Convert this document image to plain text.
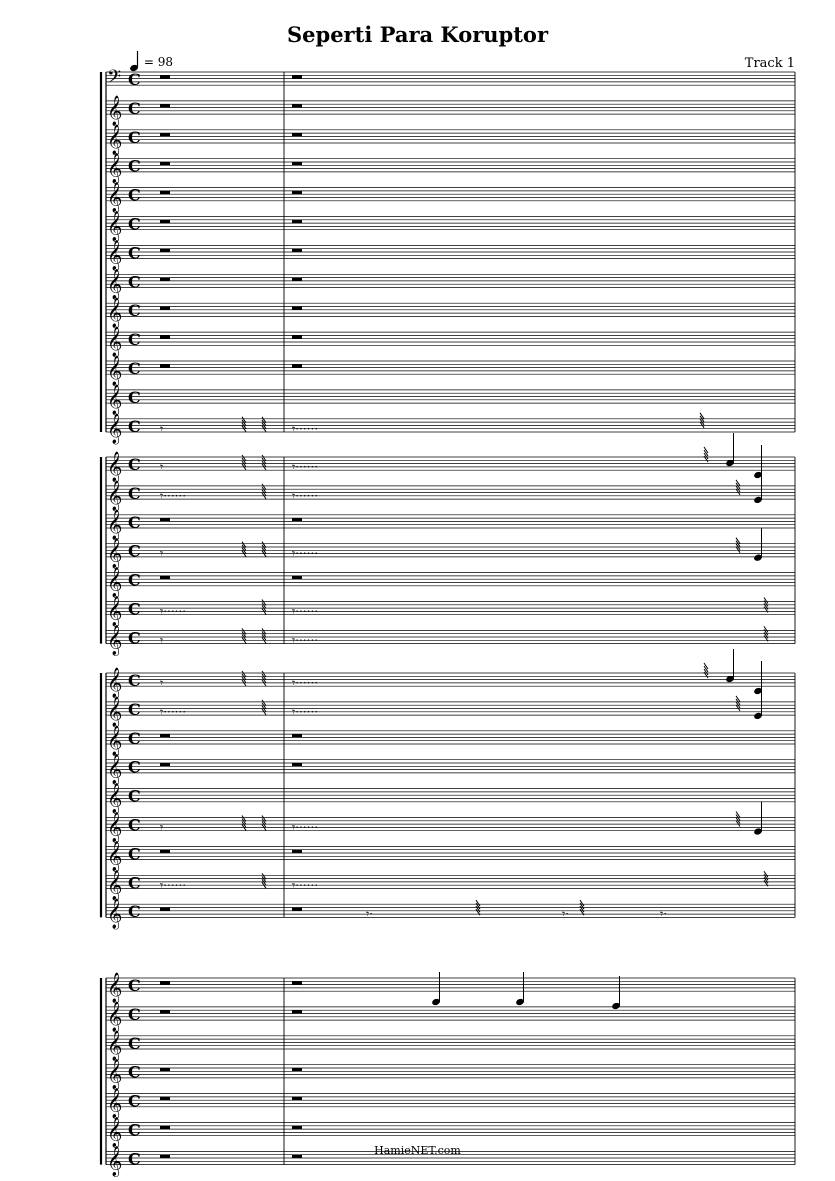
Seperti Para Koruptor
= 98	Track 1
HamieNET.com
𝄢 C
𝄞 C
𝄞 C
𝄞 C
𝄞 C
𝄞 C
𝄞 C
𝄞 C
𝄞 C
𝄞 C
𝄞 C
𝄞 C
𝄞 C 𝄾	𝄾······
𝄞 C 𝄾	𝄾······
𝄞 C 𝄾······	𝄾······
𝄞 C
𝄞 C 𝄾	𝄾······
𝄞 C
𝄞 C 𝄾······	𝄾······
𝄞 C 𝄾	𝄾······
𝄞 C 𝄾	𝄾······
𝄞 C 𝄾······	𝄾······
𝄞 C
𝄞 C
𝄞 C
𝄞 C 𝄾	𝄾······
𝄞 C
𝄞 C 𝄾······	𝄾······
𝄞 C	𝄾·	𝄾·	𝄾·
𝄞 C
𝄞 C
𝄞 C
𝄞 C
𝄞 C
𝄞 C
𝄞 C
